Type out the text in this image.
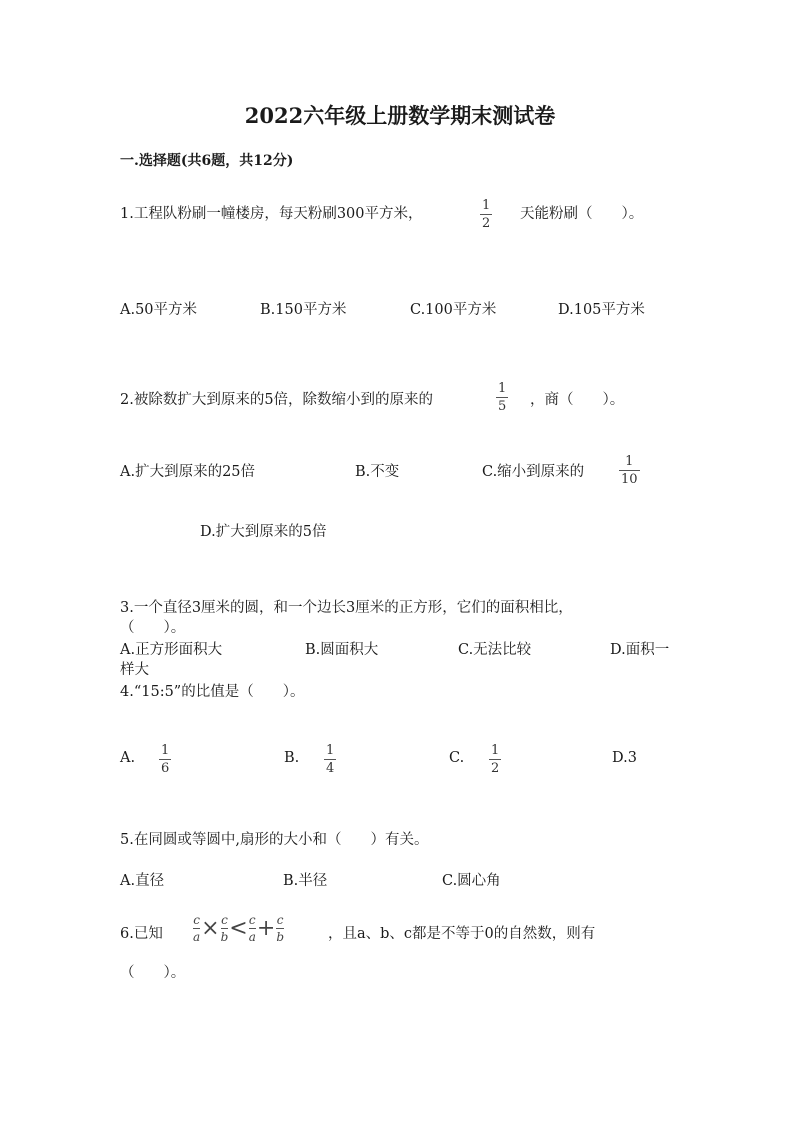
2022六年级上册数学期末测试卷
一.选择题(共6题，共12分)
1.工程队粉刷一幢楼房，每天粉刷300平方米，
1
2
天能粉刷（　　）。
A.50平方米	B.150平方米	C.100平方米	D.105平方米
2.被除数扩大到原来的5倍，除数缩小到的原来的
1
5 ，商（　　）。
A.扩大到原来的25倍	B.不变	C.缩小到原来的
1
10
D.扩大到原来的5倍
3.一个直径3厘米的圆，和一个边长3厘米的正方形，它们的面积相比，
（　　）。
A.正方形面积大	B.圆面积大	C.无法比较	D.面积一
样大
4.“15:5”的比值是（　　）。
A. 1
6
B. 1
4
C. 1
2
D.3
5.在同圆或等圆中,扇形的大小和（　　）有关。
A.直径	B.半径	C.圆心角
6.已知
c
a × c
b < c
a + c
b	，且a、b、c都是不等于0的自然数，则有
（　　）。
